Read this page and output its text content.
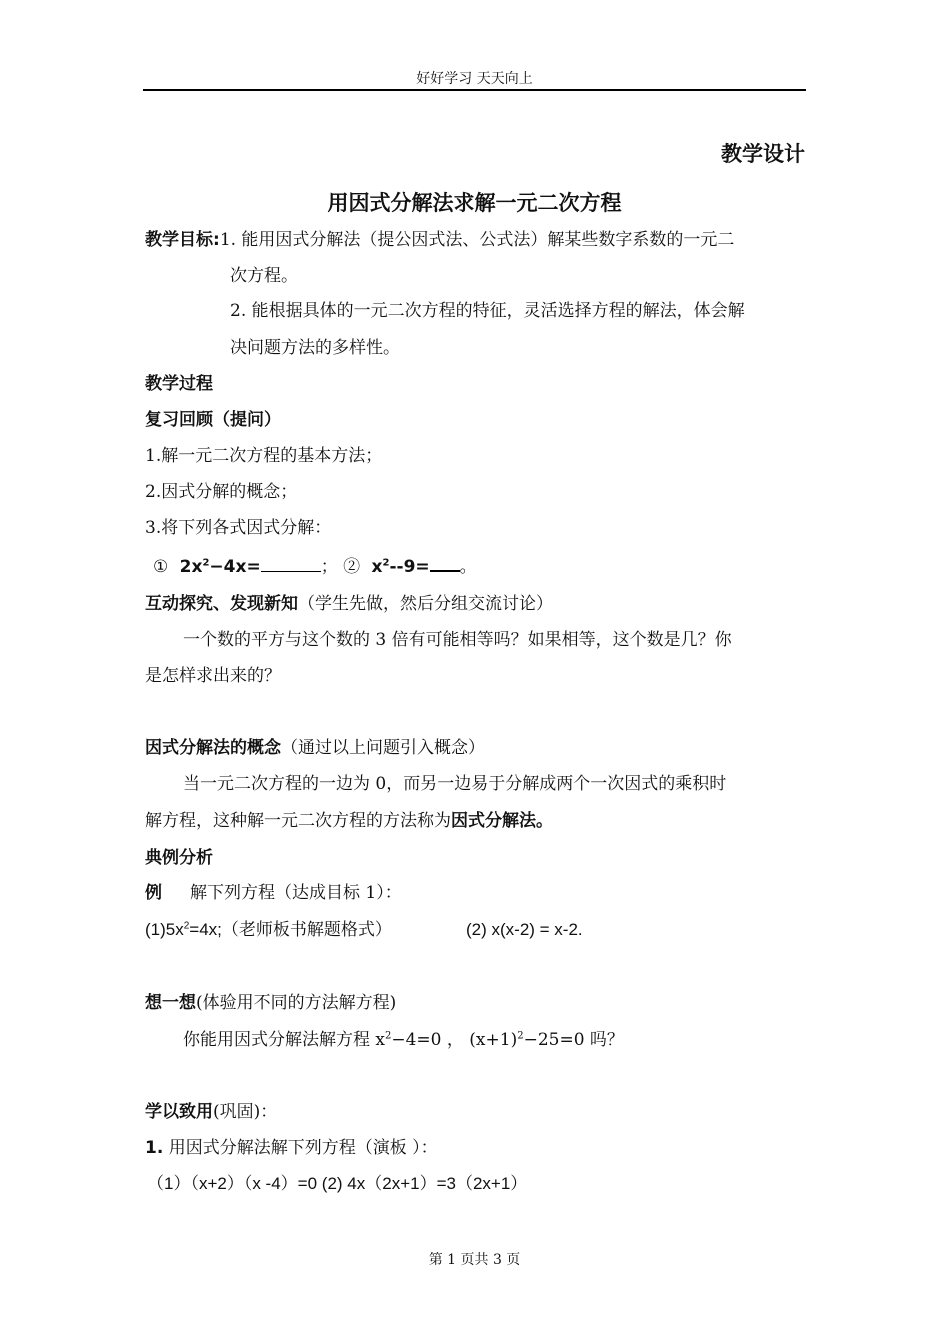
好好学习 天天向上
教学设计
用因式分解法求解一元二次方程
教学目标:1. 能用因式分解法（提公因式法、公式法）解某些数字系数的一元二
次方程。
2. 能根据具体的一元二次方程的特征，灵活选择方程的解法，体会解
决问题方法的多样性。
教学过程
复习回顾（提问）
1.解一元二次方程的基本方法；
2.因式分解的概念；
3.将下列各式因式分解：
① $2x^2-4x=$	； ② $x^2--9=$ 。
互动探究、发现新知（学生先做，然后分组交流讨论）
一个数的平方与这个数的 3 倍有可能相等吗？如果相等，这个数是几？你
是怎样求出来的？
因式分解法的概念（通过以上问题引入概念）
当一元二次方程的一边为 0，而另一边易于分解成两个一次因式的乘积时
解方程，这种解一元二次方程的方法称为因式分解法。
典例分析
例 解下列方程（达成目标 1）：
$(1)5x^2=4x$;（老师板书解题格式）	(2) x(x-2) = x-2.
想一想(体验用不同的方法解方程)
你能用因式分解法解方程 $x^2-4=0$ ， $(x+1)^2-25=0$ 吗？
学以致用(巩固)：
1. 用因式分解法解下列方程（演板 ）：
（1）（x+2）（x -4）=0 (2) 4x（2x+1）=3（2x+1）
第 1 页共 3 页
